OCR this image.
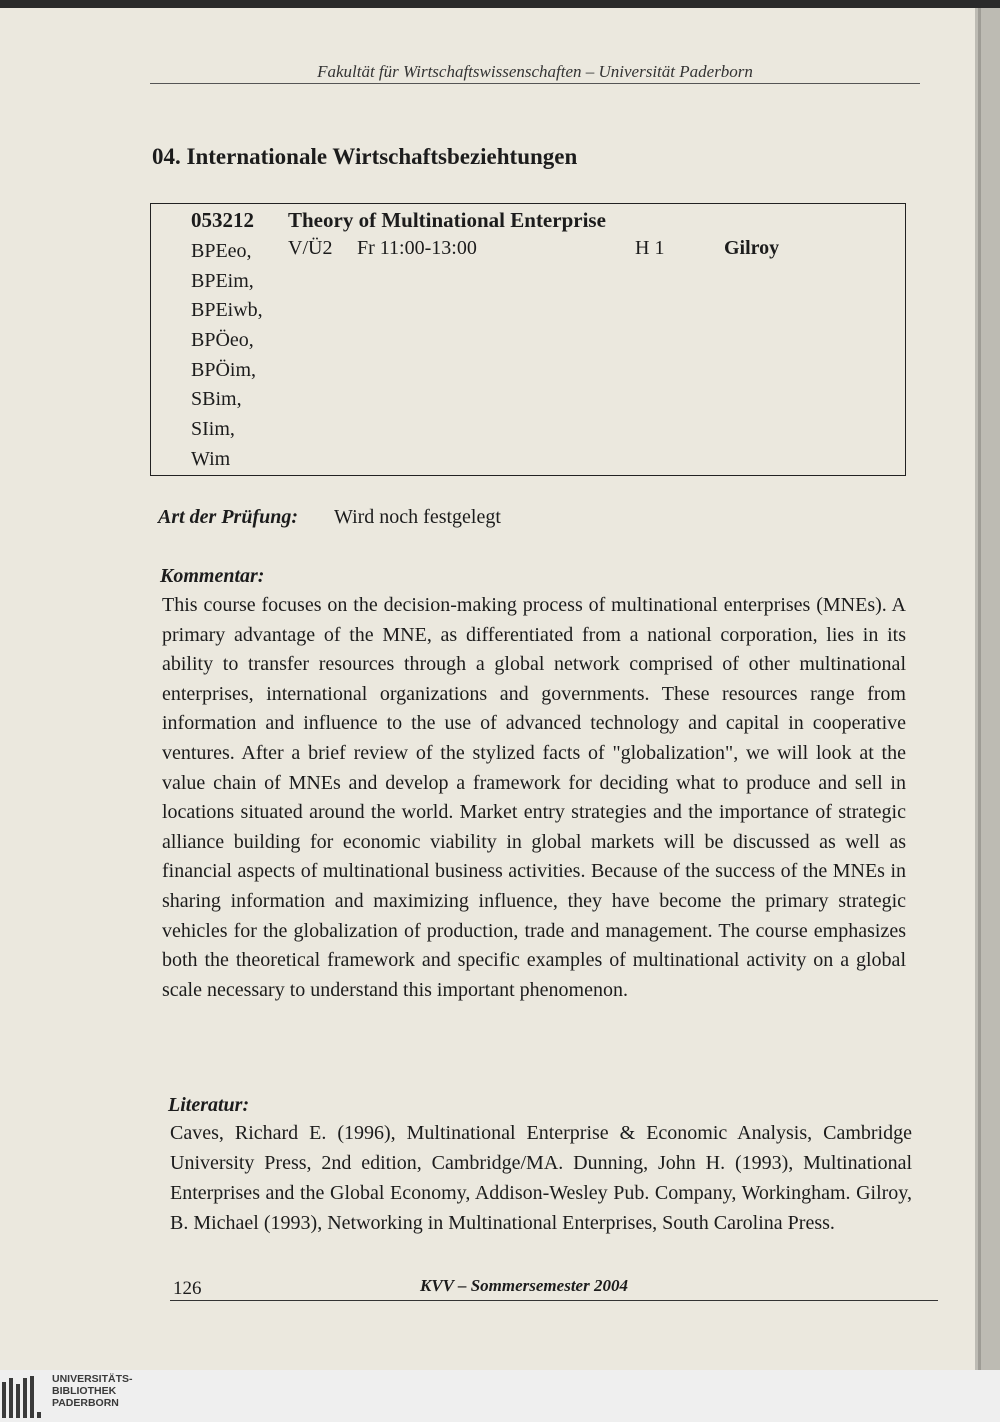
Fakultät für Wirtschaftswissenschaften – Universität Paderborn
04. Internationale Wirtschaftsbeziehtungen
053212 Theory of Multinational Enterprise
V/Ü2 Fr 11:00-13:00	H 1	Gilroy
BPEeo,
BPEim,
BPEiwb,
BPÖeo,
BPÖim,
SBim,
SIim,
Wim
Art der Prüfung: Wird noch festgelegt
Kommentar:

This course focuses on the decision-making process of multinational enterprises (MNEs). A primary advantage of the MNE, as differentiated from a national corporation, lies in its ability to transfer resources through a global network comprised of other multinational enterprises, international organizations and governments. These resources range from information and influence to the use of advanced technology and capital in cooperative ventures. After a brief review of the stylized facts of "globalization", we will look at the value chain of MNEs and develop a framework for deciding what to produce and sell in locations situated around the world. Market entry strategies and the importance of strategic alliance building for economic viability in global markets will be discussed as well as financial aspects of multinational business activities. Because of the success of the MNEs in sharing information and maximizing influence, they have become the primary strategic vehicles for the globalization of production, trade and management. The course emphasizes both the theoretical framework and specific examples of multinational activity on a global scale necessary to understand this important phenomenon.

Literatur:

Caves, Richard E. (1996), Multinational Enterprise & Economic Analysis, Cambridge University Press, 2nd edition, Cambridge/MA. Dunning, John H. (1993), Multinational Enterprises and the Global Economy, Addison-Wesley Pub. Company, Workingham. Gilroy, B. Michael (1993), Networking in Multinational Enterprises, South Carolina Press.

126	KVV – Sommersemester 2004
UNIVERSITÄTS-
BIBLIOTHEK
PADERBORN
